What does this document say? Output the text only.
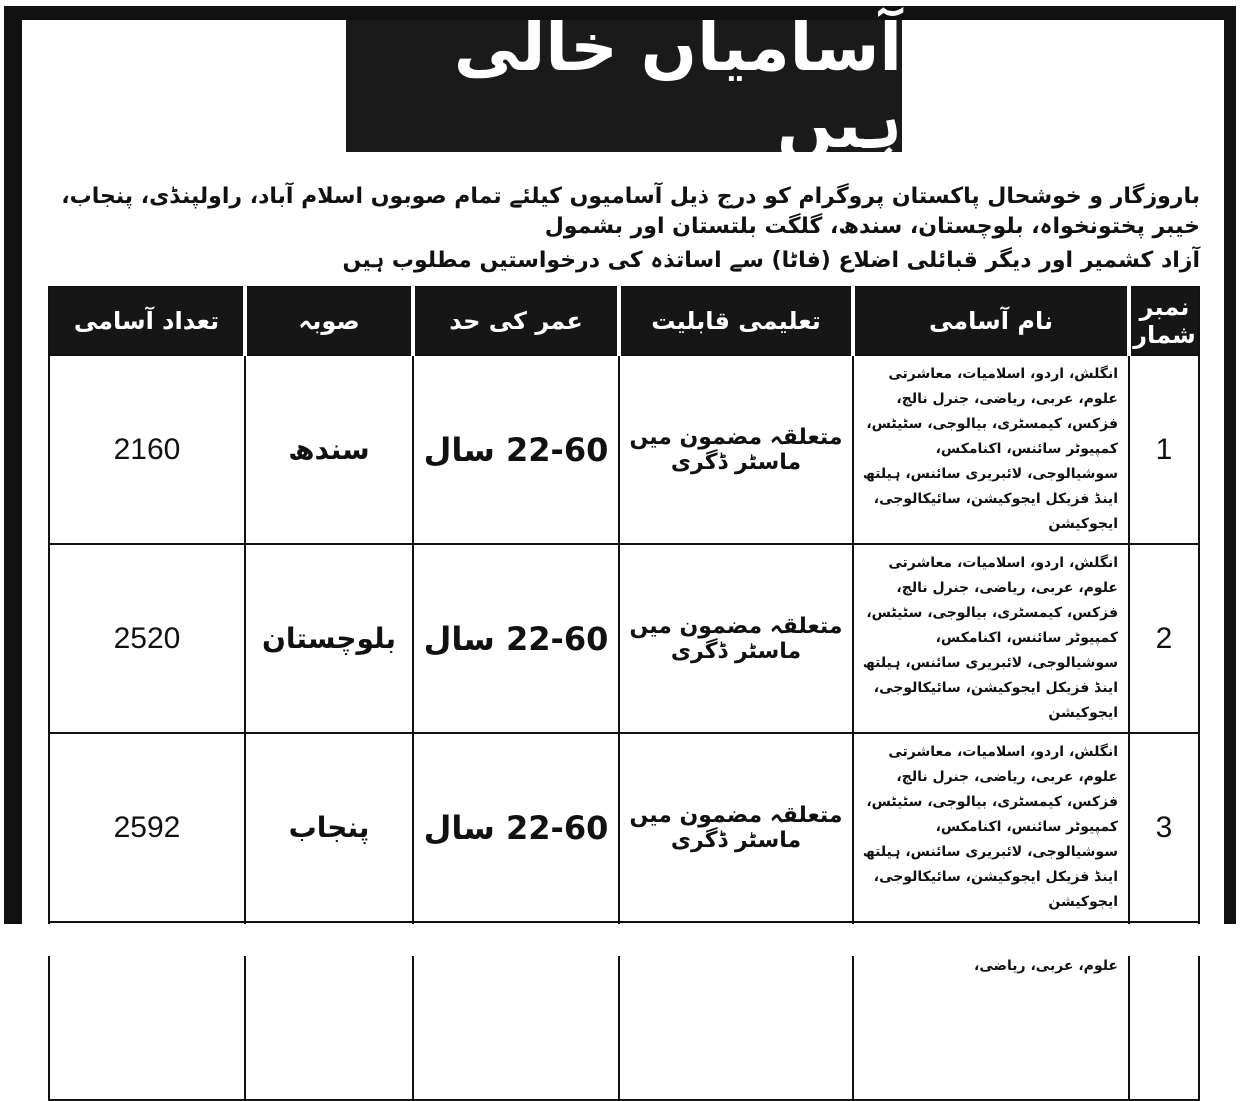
آسامیاں خالی ہیں
باروزگار و خوشحال پاکستان پروگرام کو درج ذیل آسامیوں کیلئے تمام صوبوں اسلام آباد، راولپنڈی، پنجاب، خیبر پختونخواہ، بلوچستان، سندھ، گلگت بلتستان اور بشمول
آزاد کشمیر اور دیگر قبائلی اضلاع (فاٹا) سے اساتذہ کی درخواستیں مطلوب ہیں
نمبر شمار	نام آسامی	تعلیمی قابلیت	عمر کی حد	صوبہ	تعداد آسامی
1	انگلش، اردو، اسلامیات، معاشرتی علوم، عربی، ریاضی، جنرل نالج، فزکس، کیمسٹری، بیالوجی، سٹیٹس، کمپیوٹر سائنس، اکنامکس، سوشیالوجی، لائبریری سائنس، ہیلتھ اینڈ فزیکل ایجوکیشن، سائیکالوجی، ایجوکیشن	متعلقہ مضمون میں ماسٹر ڈگری	22-60 سال	سندھ	2160
2	انگلش، اردو، اسلامیات، معاشرتی علوم، عربی، ریاضی، جنرل نالج، فزکس، کیمسٹری، بیالوجی، سٹیٹس، کمپیوٹر سائنس، اکنامکس، سوشیالوجی، لائبریری سائنس، ہیلتھ اینڈ فزیکل ایجوکیشن، سائیکالوجی، ایجوکیشن	متعلقہ مضمون میں ماسٹر ڈگری	22-60 سال	بلوچستان	2520
3	انگلش، اردو، اسلامیات، معاشرتی علوم، عربی، ریاضی، جنرل نالج، فزکس، کیمسٹری، بیالوجی، سٹیٹس، کمپیوٹر سائنس، اکنامکس، سوشیالوجی، لائبریری سائنس، ہیلتھ اینڈ فزیکل ایجوکیشن، سائیکالوجی، ایجوکیشن	متعلقہ مضمون میں ماسٹر ڈگری	22-60 سال	پنجاب	2592
	علوم، عربی، ریاضی،				
